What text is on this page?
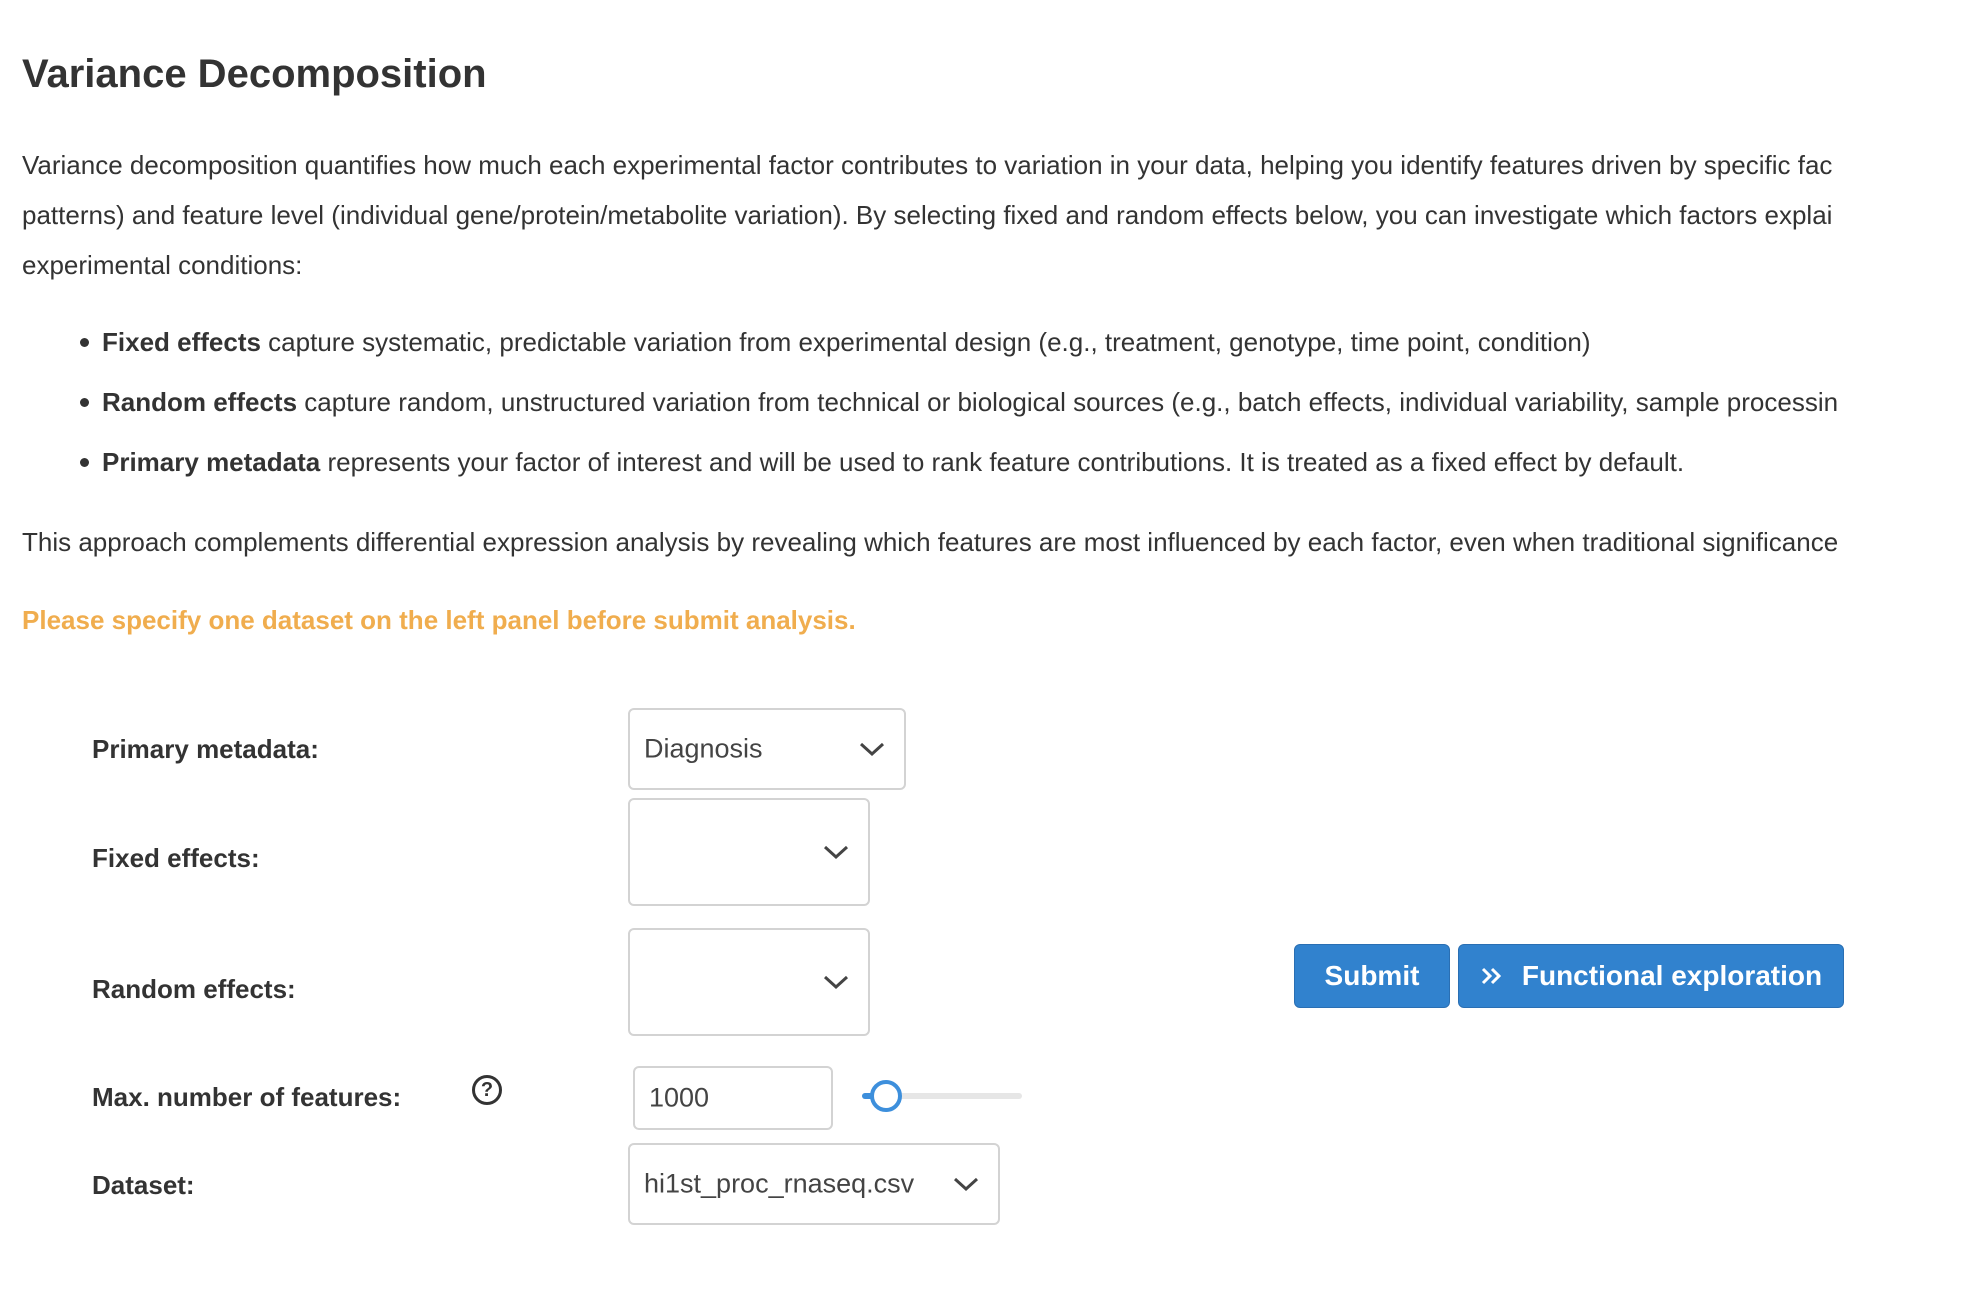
Variance Decomposition
Variance decomposition quantifies how much each experimental factor contributes to variation in your data, helping you identify features driven by specific fac
patterns) and feature level (individual gene/protein/metabolite variation). By selecting fixed and random effects below, you can investigate which factors explai
experimental conditions:
Fixed effects capture systematic, predictable variation from experimental design (e.g., treatment, genotype, time point, condition)
Random effects capture random, unstructured variation from technical or biological sources (e.g., batch effects, individual variability, sample processin
Primary metadata represents your factor of interest and will be used to rank feature contributions. It is treated as a fixed effect by default.
This approach complements differential expression analysis by revealing which features are most influenced by each factor, even when traditional significance
Please specify one dataset on the left panel before submit analysis.
Primary metadata:	Diagnosis
Fixed effects:
Random effects:
Max. number of features:	?	1000
Dataset:	hi1st_proc_rnaseq.csv
Submit	Functional exploration
